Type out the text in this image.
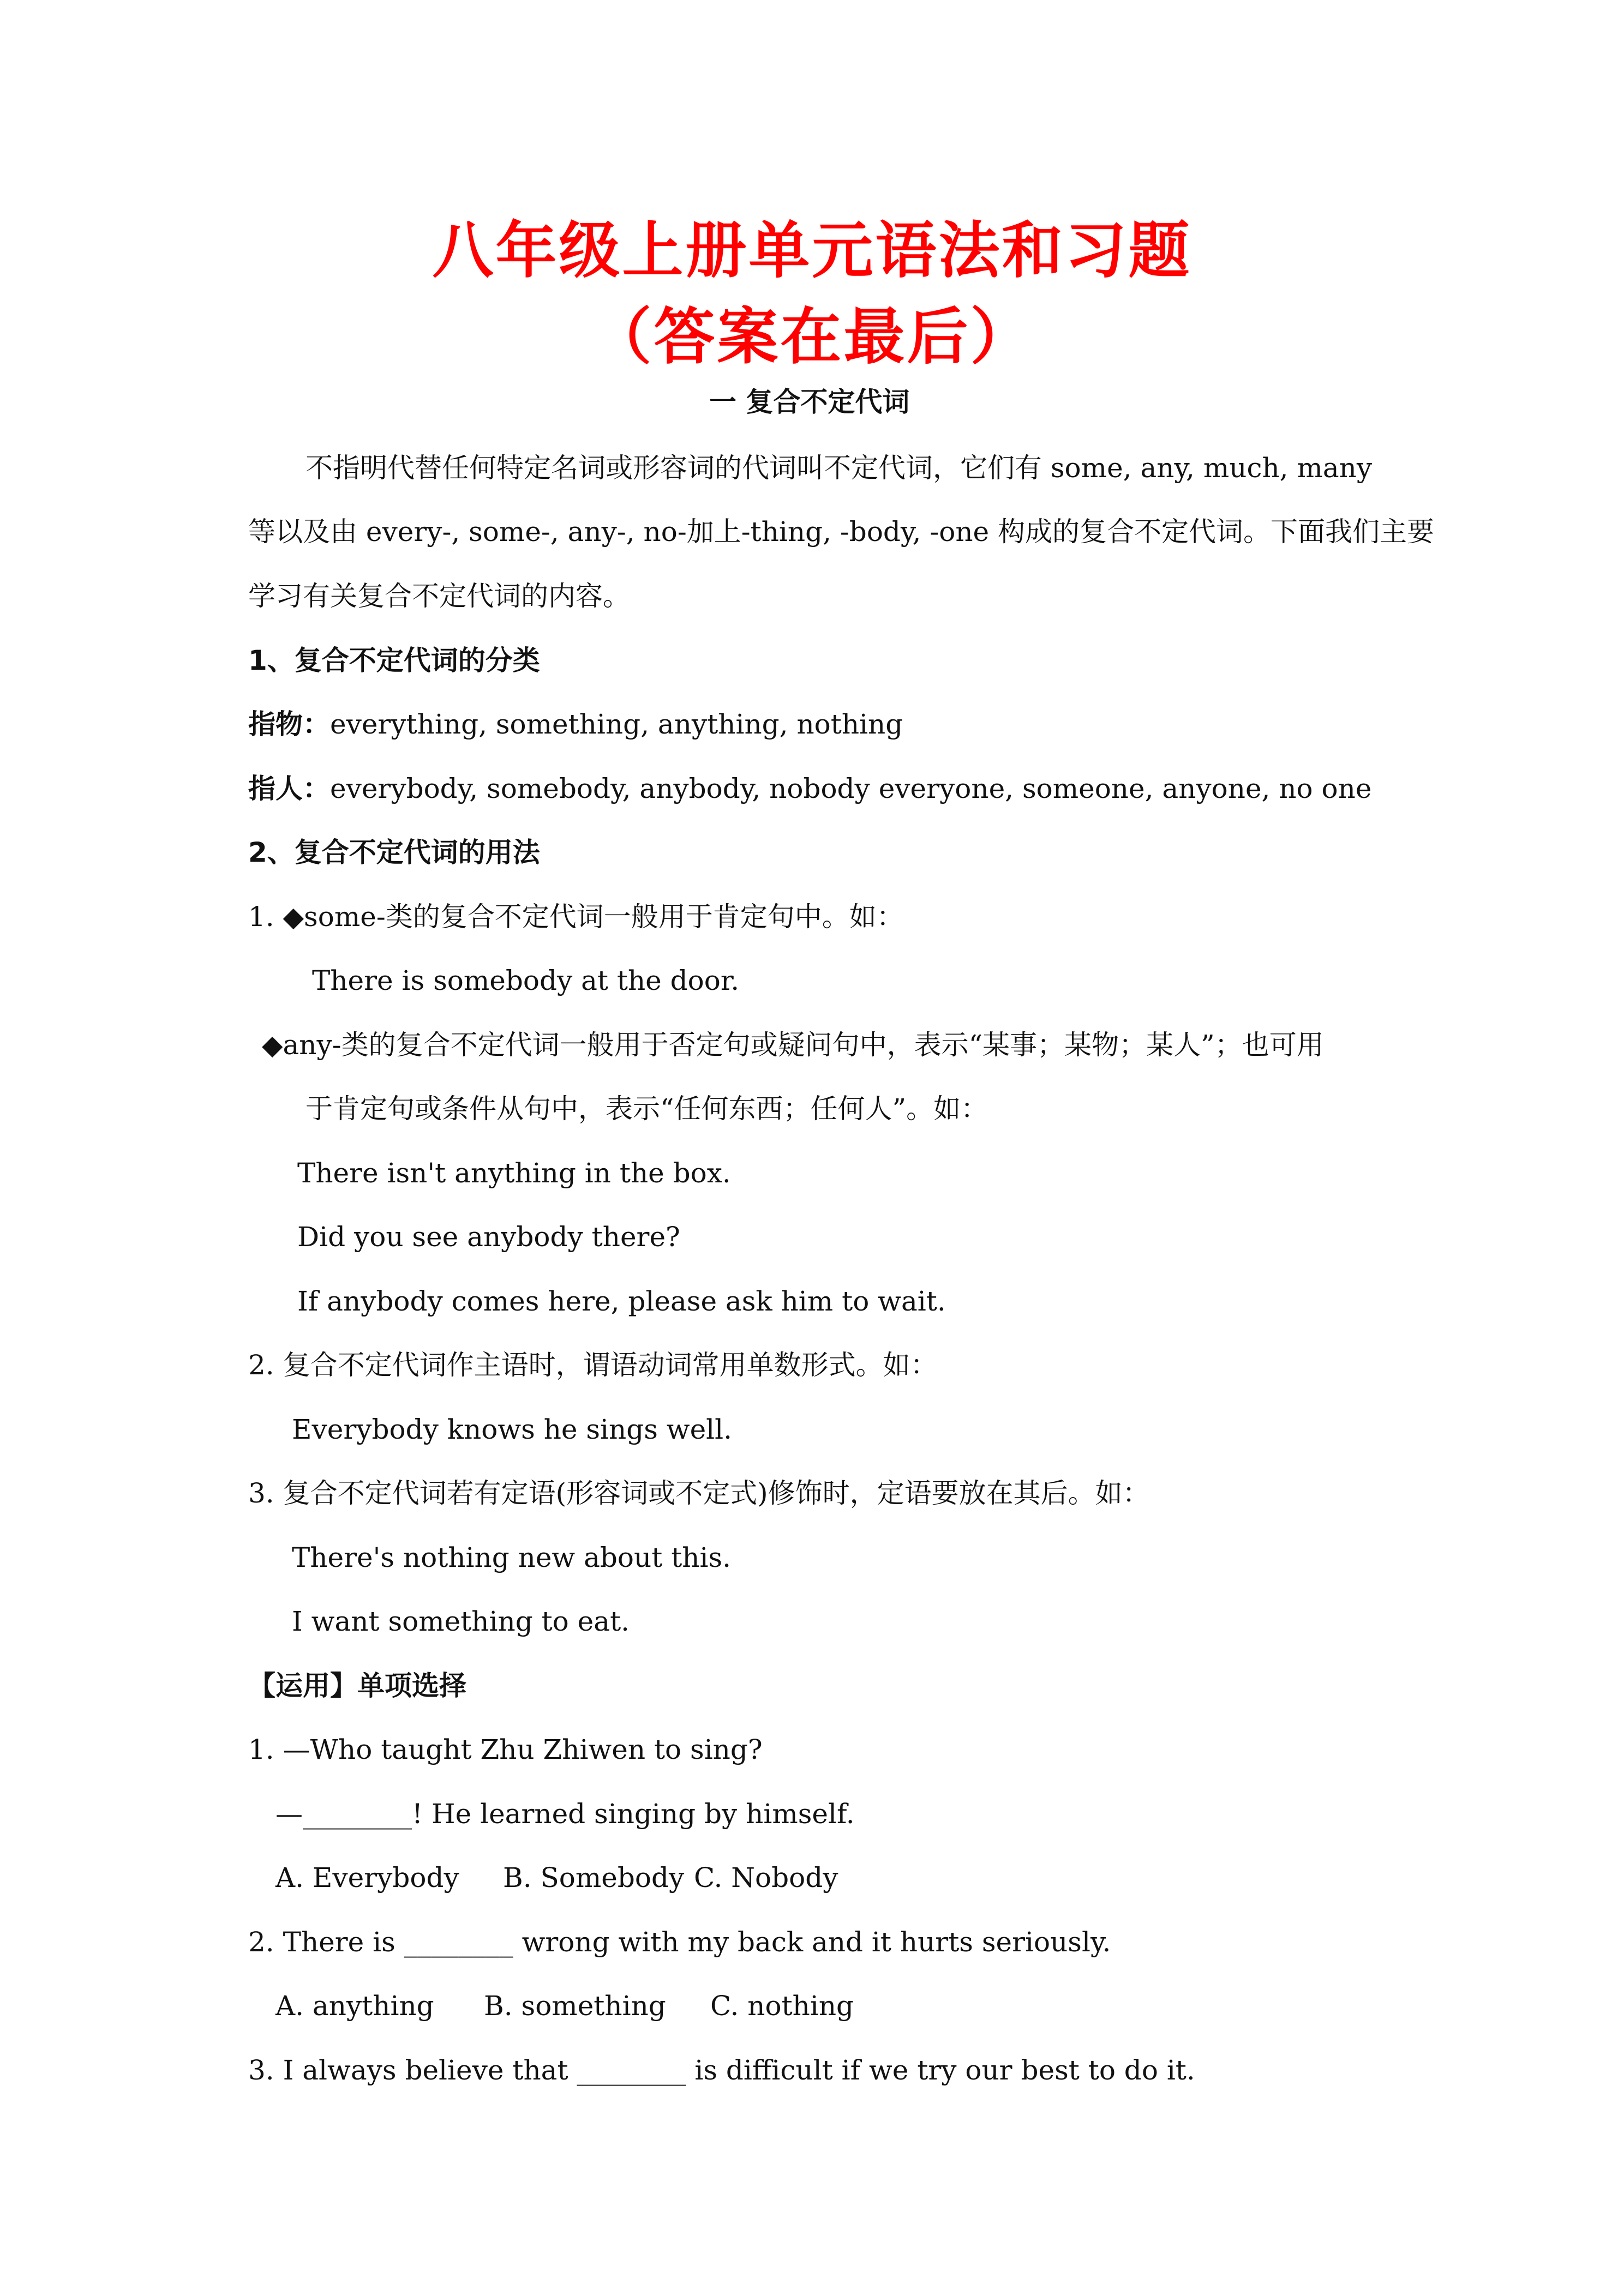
八年级上册单元语法和习题
（答案在最后）
一 复合不定代词
不指明代替任何特定名词或形容词的代词叫不定代词，它们有 some, any, much, many
等以及由 every-, some-, any-, no-加上-thing, -body, -one 构成的复合不定代词。下面我们主要
学习有关复合不定代词的内容。
1、复合不定代词的分类
指物：everything, something, anything, nothing
指人：everybody, somebody, anybody, nobody everyone, someone, anyone, no one
2、复合不定代词的用法
1. ◆some-类的复合不定代词一般用于肯定句中。如：
There is somebody at the door.
◆any-类的复合不定代词一般用于否定句或疑问句中，表示“某事；某物；某人”；也可用
于肯定句或条件从句中，表示“任何东西；任何人”。如：
There isn't anything in the box.
Did you see anybody there?
If anybody comes here, please ask him to wait.
2. 复合不定代词作主语时，谓语动词常用单数形式。如：
Everybody knows he sings well.
3. 复合不定代词若有定语(形容词或不定式)修饰时，定语要放在其后。如：
There's nothing new about this.
I want something to eat.
【运用】单项选择
1. —Who taught Zhu Zhiwen to sing?
—________! He learned singing by himself.
A. Everybody B. Somebody C. Nobody
2. There is ________ wrong with my back and it hurts seriously.
A. anything B. something C. nothing
3. I always believe that ________ is difficult if we try our best to do it.
